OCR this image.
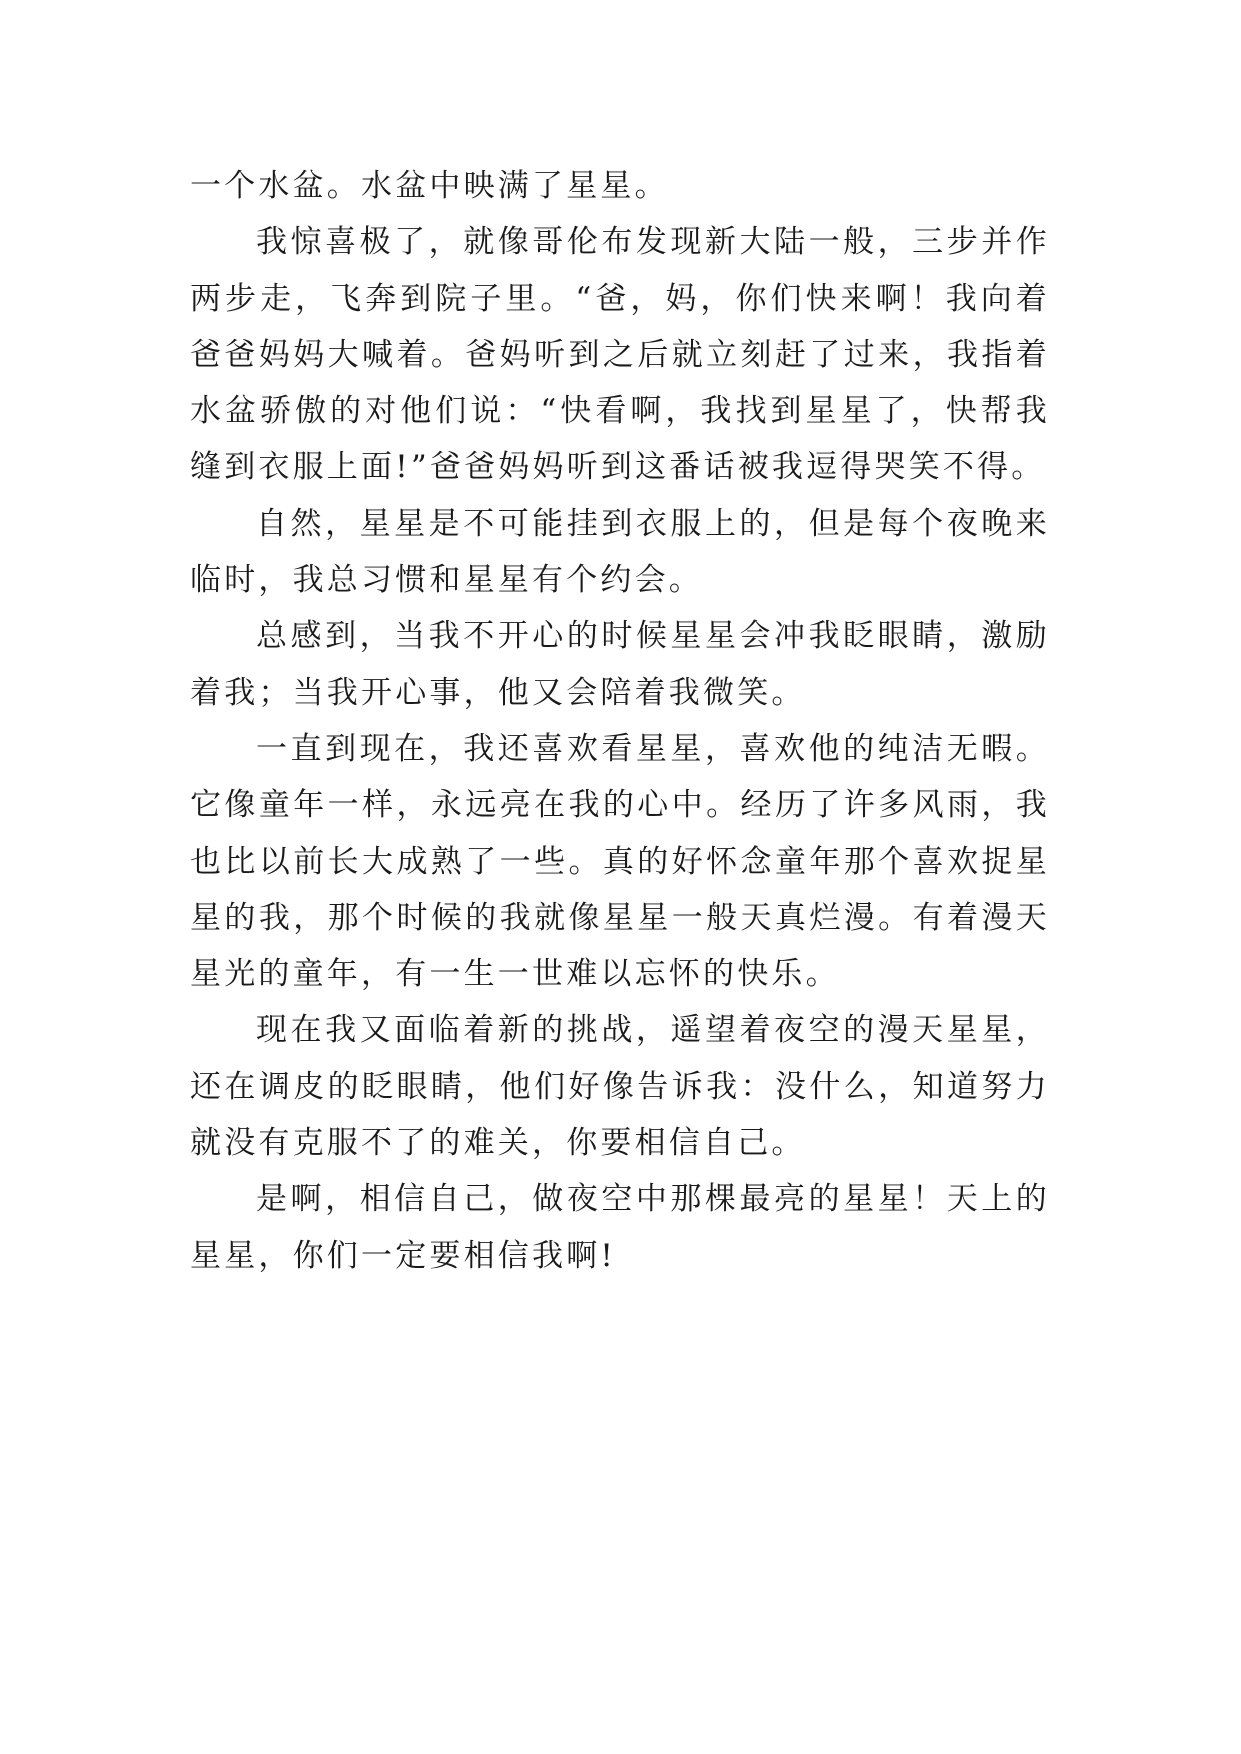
一个水盆。水盆中映满了星星。

我惊喜极了，就像哥伦布发现新大陆一般，三步并作两步走，飞奔到院子里。“爸，妈，你们快来啊！我向着爸爸妈妈大喊着。爸妈听到之后就立刻赶了过来，我指着水盆骄傲的对他们说：“快看啊，我找到星星了，快帮我缝到衣服上面!”爸爸妈妈听到这番话被我逗得哭笑不得。

自然，星星是不可能挂到衣服上的，但是每个夜晚来临时，我总习惯和星星有个约会。

总感到，当我不开心的时候星星会冲我眨眼睛，激励着我；当我开心事，他又会陪着我微笑。

一直到现在，我还喜欢看星星，喜欢他的纯洁无暇。它像童年一样，永远亮在我的心中。经历了许多风雨，我也比以前长大成熟了一些。真的好怀念童年那个喜欢捉星星的我，那个时候的我就像星星一般天真烂漫。有着漫天星光的童年，有一生一世难以忘怀的快乐。

现在我又面临着新的挑战，遥望着夜空的漫天星星，还在调皮的眨眼睛，他们好像告诉我：没什么，知道努力就没有克服不了的难关，你要相信自己。

是啊，相信自己，做夜空中那棵最亮的星星！天上的星星，你们一定要相信我啊!
